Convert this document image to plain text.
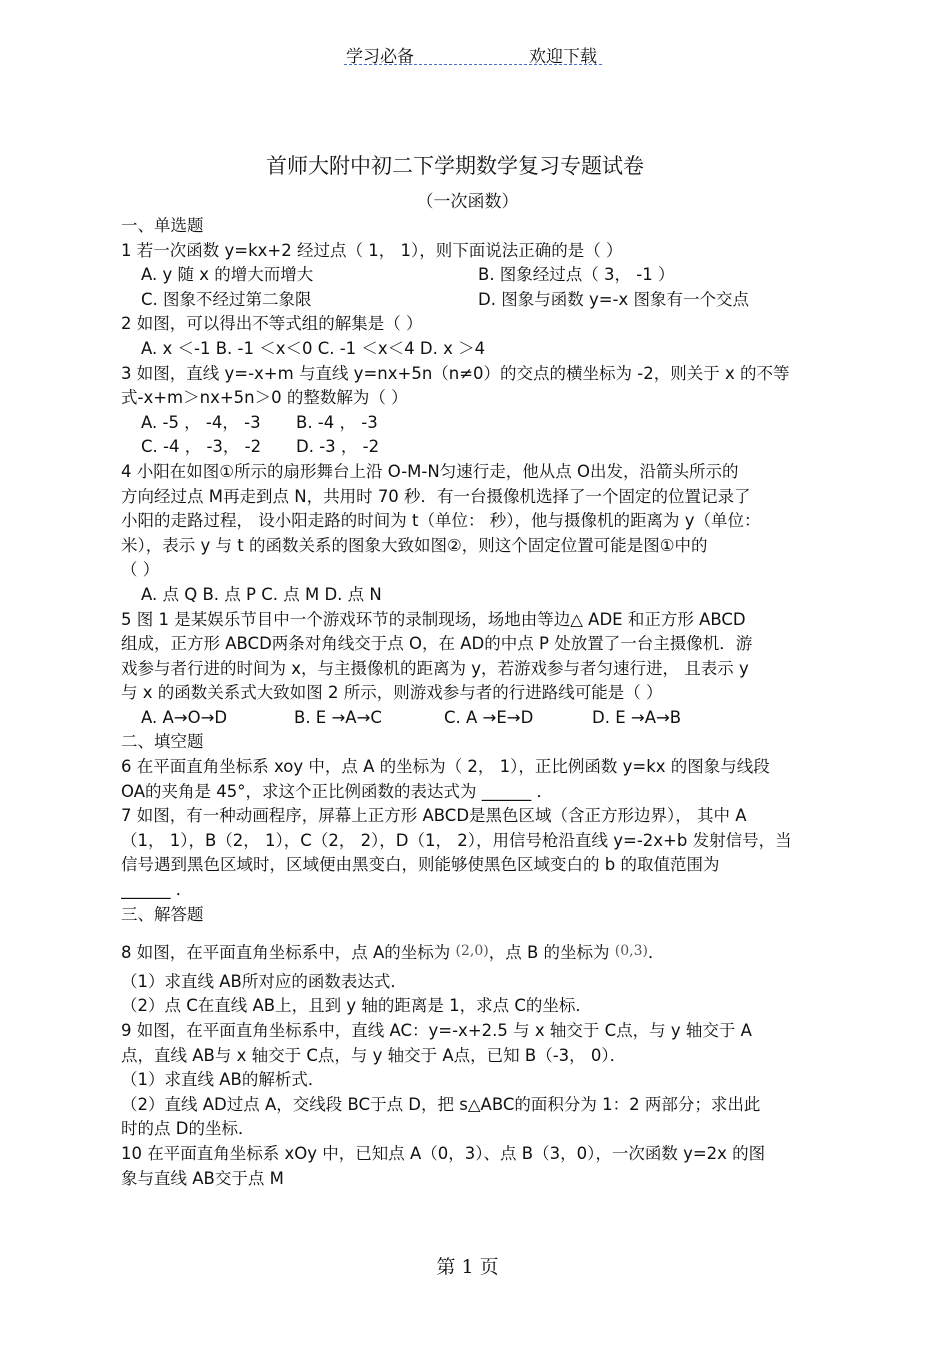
学习必备	欢迎下载
首师大附中初二下学期数学复习专题试卷
（一次函数）
一、单选题
1 若一次函数 y=kx+2 经过点（ 1， 1），则下面说法正确的是（ ）
A. y 随 x 的增大而增大	B. 图象经过点（ 3， -1 ）
C. 图象不经过第二象限	D. 图象与函数 y=-x 图象有一个交点
2 如图，可以得出不等式组的解集是（ ）
A. x ＜-1 B. -1 ＜x＜0 C. -1 ＜x＜4 D. x ＞4
3 如图，直线 y=-x+m 与直线 y=nx+5n（n≠0）的交点的横坐标为 -2，则关于 x 的不等
式-x+m＞nx+5n＞0 的整数解为（ ）
A. -5 ， -4， -3 B. -4 ， -3
C. -4 ， -3， -2 D. -3 ， -2
4 小阳在如图①所示的扇形舞台上沿 O-M-N匀速行走，他从点 O出发，沿箭头所示的
方向经过点 M再走到点 N，共用时 70 秒．有一台摄像机选择了一个固定的位置记录了
小阳的走路过程， 设小阳走路的时间为 t（单位： 秒），他与摄像机的距离为 y（单位：
米），表示 y 与 t 的函数关系的图象大致如图②，则这个固定位置可能是图①中的
（ ）
A. 点 Q B. 点 P C. 点 M D. 点 N
5 图 1 是某娱乐节目中一个游戏环节的录制现场，场地由等边△ ADE 和正方形 ABCD
组成，正方形 ABCD两条对角线交于点 O，在 AD的中点 P 处放置了一台主摄像机．游
戏参与者行进的时间为 x，与主摄像机的距离为 y，若游戏参与者匀速行进， 且表示 y
与 x 的函数关系式大致如图 2 所示，则游戏参与者的行进路线可能是（ ）
A. A→O→D	B. E →A→C	C. A →E→D	D. E →A→B
二、填空题
6 在平面直角坐标系 xoy 中，点 A 的坐标为（ 2， 1），正比例函数 y=kx 的图象与线段
OA的夹角是 45°，求这个正比例函数的表达式为 ______ ．
7 如图，有一种动画程序，屏幕上正方形 ABCD是黑色区域（含正方形边界）， 其中 A
（1， 1），B（2， 1），C（2， 2），D（1， 2），用信号枪沿直线 y=-2x+b 发射信号，当
信号遇到黑色区域时，区域便由黑变白，则能够使黑色区域变白的 b 的取值范围为
______ ．
三、解答题
8 如图，在平面直角坐标系中，点 A的坐标为 (2,0)，点 B 的坐标为 (0,3)．
（1）求直线 AB所对应的函数表达式．
（2）点 C在直线 AB上，且到 y 轴的距离是 1，求点 C的坐标．
9 如图，在平面直角坐标系中，直线 AC：y=-x+2.5 与 x 轴交于 C点，与 y 轴交于 A
点，直线 AB与 x 轴交于 C点，与 y 轴交于 A点，已知 B（-3， 0）．
（1）求直线 AB的解析式．
（2）直线 AD过点 A，交线段 BC于点 D，把 s△ABC的面积分为 1：2 两部分；求出此
时的点 D的坐标．
10 在平面直角坐标系 xOy 中，已知点 A（0，3）、点 B（3，0），一次函数 y=2x 的图
象与直线 AB交于点 M
第 1 页
